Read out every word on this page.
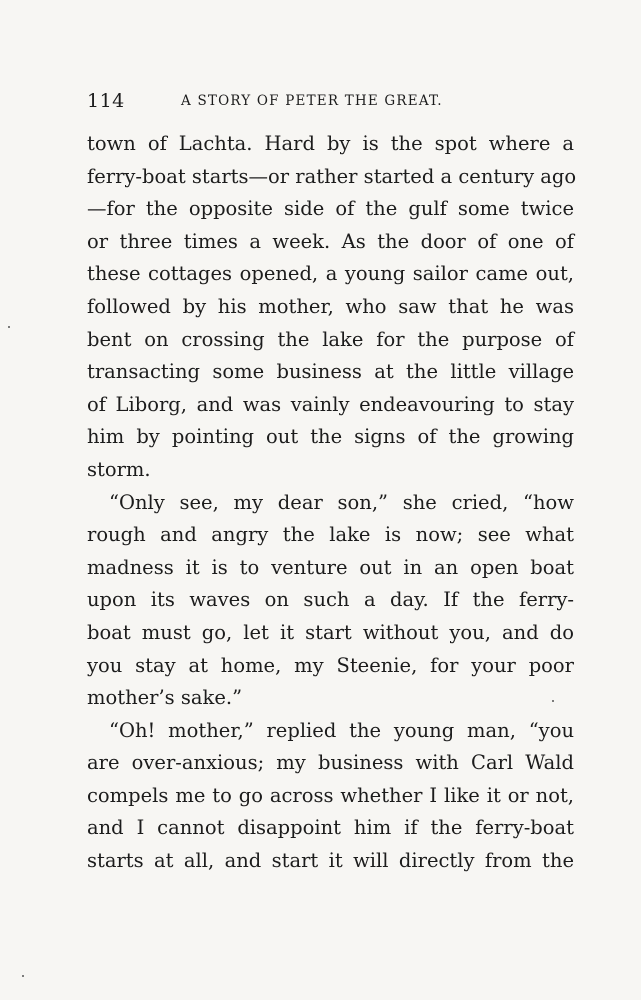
114	A STORY OF PETER THE GREAT.
town of Lachta. Hard by is the spot where a
ferry-boat starts—or rather started a century ago
—for the opposite side of the gulf some twice
or three times a week. As the door of one of
these cottages opened, a young sailor came out,
followed by his mother, who saw that he was
bent on crossing the lake for the purpose of
transacting some business at the little village
of Liborg, and was vainly endeavouring to stay
him by pointing out the signs of the growing
storm.
“Only see, my dear son,” she cried, “how
rough and angry the lake is now; see what
madness it is to venture out in an open boat
upon its waves on such a day. If the ferry-
boat must go, let it start without you, and do
you stay at home, my Steenie, for your poor
mother’s sake.”
“Oh! mother,” replied the young man, “you
are over-anxious; my business with Carl Wald
compels me to go across whether I like it or not,
and I cannot disappoint him if the ferry-boat
starts at all, and start it will directly from the
